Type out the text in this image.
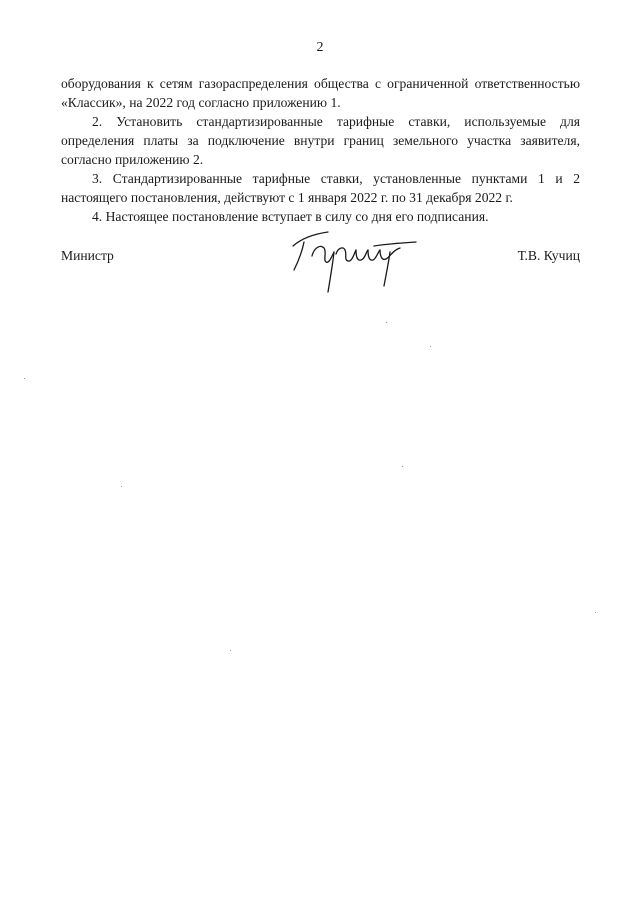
2

оборудования к сетям газораспределения общества с ограниченной ответственностью «Классик», на 2022 год согласно приложению 1.

2. Установить стандартизированные тарифные ставки, используемые для определения платы за подключение внутри границ земельного участка заявителя, согласно приложению 2.

3. Стандартизированные тарифные ставки, установленные пунктами 1 и 2 настоящего постановления, действуют с 1 января 2022 г. по 31 декабря 2022 г.

4. Настоящее постановление вступает в силу со дня его подписания.

Министр	Т.В. Кучиц
